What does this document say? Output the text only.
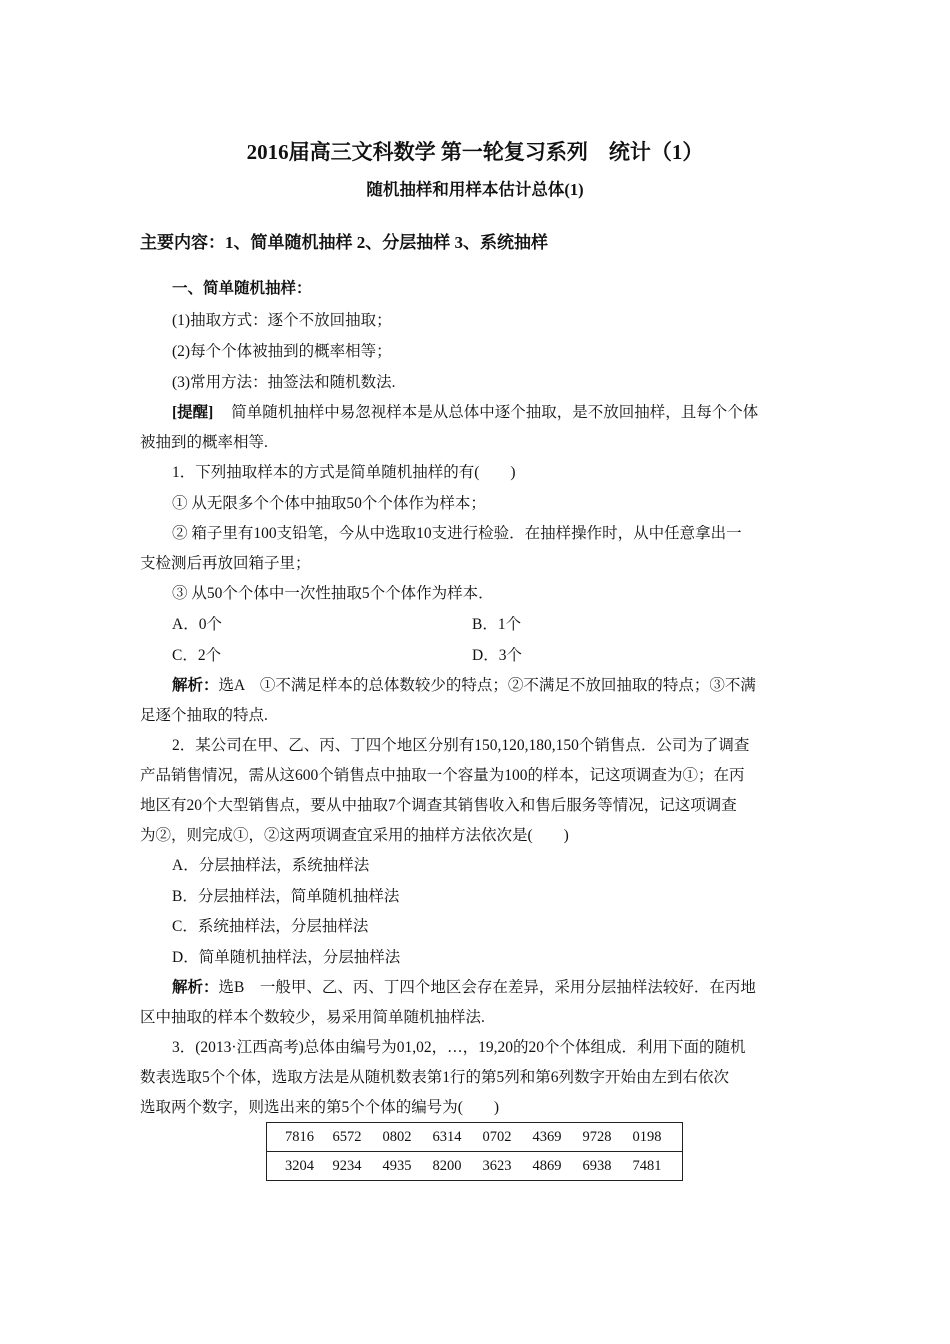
2016届高三文科数学 第一轮复习系列　统计（1）
随机抽样和用样本估计总体(1)
主要内容：1、简单随机抽样 2、分层抽样 3、系统抽样
一、简单随机抽样：
(1)抽取方式：逐个不放回抽取；
(2)每个个体被抽到的概率相等；
(3)常用方法：抽签法和随机数法.
[提醒] 简单随机抽样中易忽视样本是从总体中逐个抽取，是不放回抽样，且每个个体
被抽到的概率相等.
1．下列抽取样本的方式是简单随机抽样的有(　　)
① 从无限多个个体中抽取50个个体作为样本；
② 箱子里有100支铅笔，今从中选取10支进行检验．在抽样操作时，从中任意拿出一
支检测后再放回箱子里；
③ 从50个个体中一次性抽取5个个体作为样本．
A．0个	B．1个
C．2个	D．3个
解析：选A　①不满足样本的总体数较少的特点；②不满足不放回抽取的特点；③不满
足逐个抽取的特点.
2．某公司在甲、乙、丙、丁四个地区分别有150,120,180,150个销售点．公司为了调查
产品销售情况，需从这600个销售点中抽取一个容量为100的样本，记这项调查为①；在丙
地区有20个大型销售点，要从中抽取7个调查其销售收入和售后服务等情况，记这项调查
为②，则完成①，②这两项调查宜采用的抽样方法依次是(　　)
A．分层抽样法，系统抽样法
B．分层抽样法，简单随机抽样法
C．系统抽样法，分层抽样法
D．简单随机抽样法，分层抽样法
解析：选B　一般甲、乙、丙、丁四个地区会存在差异，采用分层抽样法较好．在丙地
区中抽取的样本个数较少，易采用简单随机抽样法.
3．(2013·江西高考)总体由编号为01,02，…，19,20的20个个体组成．利用下面的随机
数表选取5个个体，选取方法是从随机数表第1行的第5列和第6列数字开始由左到右依次
选取两个数字，则选出来的第5个个体的编号为(　　)
7816	6572	0802	6314	0702	4369	9728	0198
3204	9234	4935	8200	3623	4869	6938	7481
